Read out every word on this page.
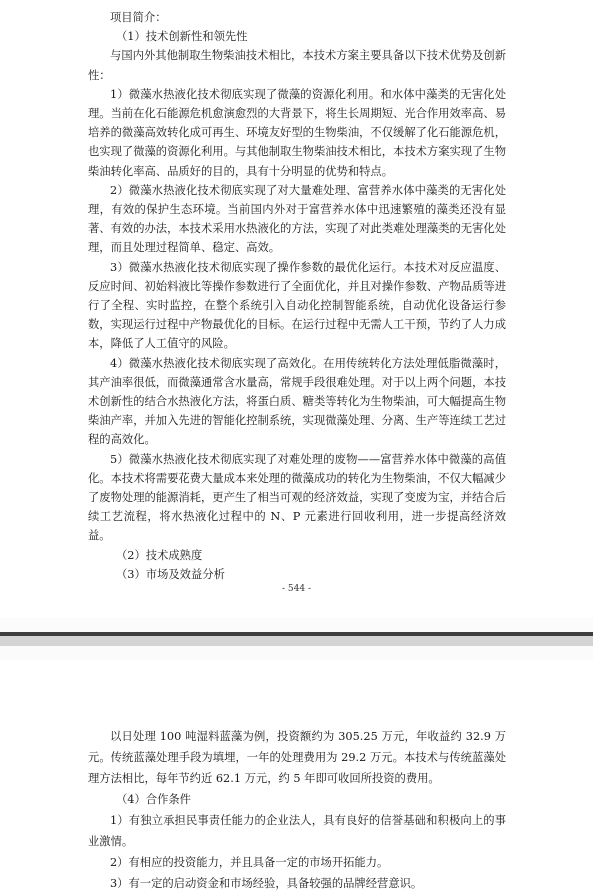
项目简介：

（1）技术创新性和领先性

与国内外其他制取生物柴油技术相比，本技术方案主要具备以下技术优势及创新性：

1）微藻水热液化技术彻底实现了微藻的资源化利用。和水体中藻类的无害化处理。当前在化石能源危机愈演愈烈的大背景下，将生长周期短、光合作用效率高、易培养的微藻高效转化成可再生、环境友好型的生物柴油，不仅缓解了化石能源危机，也实现了微藻的资源化利用。与其他制取生物柴油技术相比，本技术方案实现了生物柴油转化率高、品质好的目的，具有十分明显的优势和特点。

2）微藻水热液化技术彻底实现了对大量难处理、富营养水体中藻类的无害化处理，有效的保护生态环境。当前国内外对于富营养水体中迅速繁殖的藻类还没有显著、有效的办法，本技术采用水热液化的方法，实现了对此类难处理藻类的无害化处理，而且处理过程简单、稳定、高效。

3）微藻水热液化技术彻底实现了操作参数的最优化运行。本技术对反应温度、反应时间、初始料液比等操作参数进行了全面优化，并且对操作参数、产物品质等进行了全程、实时监控，在整个系统引入自动化控制智能系统，自动优化设备运行参数，实现运行过程中产物最优化的目标。在运行过程中无需人工干预，节约了人力成本，降低了人工值守的风险。

4）微藻水热液化技术彻底实现了高效化。在用传统转化方法处理低脂微藻时，其产油率很低，而微藻通常含水量高，常规手段很难处理。对于以上两个问题，本技术创新性的结合水热液化方法，将蛋白质、糖类等转化为生物柴油，可大幅提高生物柴油产率，并加入先进的智能化控制系统，实现微藻处理、分离、生产等连续工艺过程的高效化。

5）微藻水热液化技术彻底实现了对难处理的废物——富营养水体中微藻的高值化。本技术将需要花费大量成本来处理的微藻成功的转化为生物柴油，不仅大幅减少了废物处理的能源消耗，更产生了相当可观的经济效益，实现了变废为宝，并结合后续工艺流程，将水热液化过程中的 N、P 元素进行回收利用，进一步提高经济效益。

（2）技术成熟度

（3）市场及效益分析

- 544 -

以日处理 100 吨湿料蓝藻为例，投资额约为 305.25 万元，年收益约 32.9 万元。传统蓝藻处理手段为填埋，一年的处理费用为 29.2 万元。本技术与传统蓝藻处理方法相比，每年节约近 62.1 万元，约 5 年即可收回所投资的费用。

（4）合作条件

1）有独立承担民事责任能力的企业法人，具有良好的信誉基础和积极向上的事业激情。

2）有相应的投资能力，并且具备一定的市场开拓能力。

3）有一定的启动资金和市场经验，具备较强的品牌经营意识。
